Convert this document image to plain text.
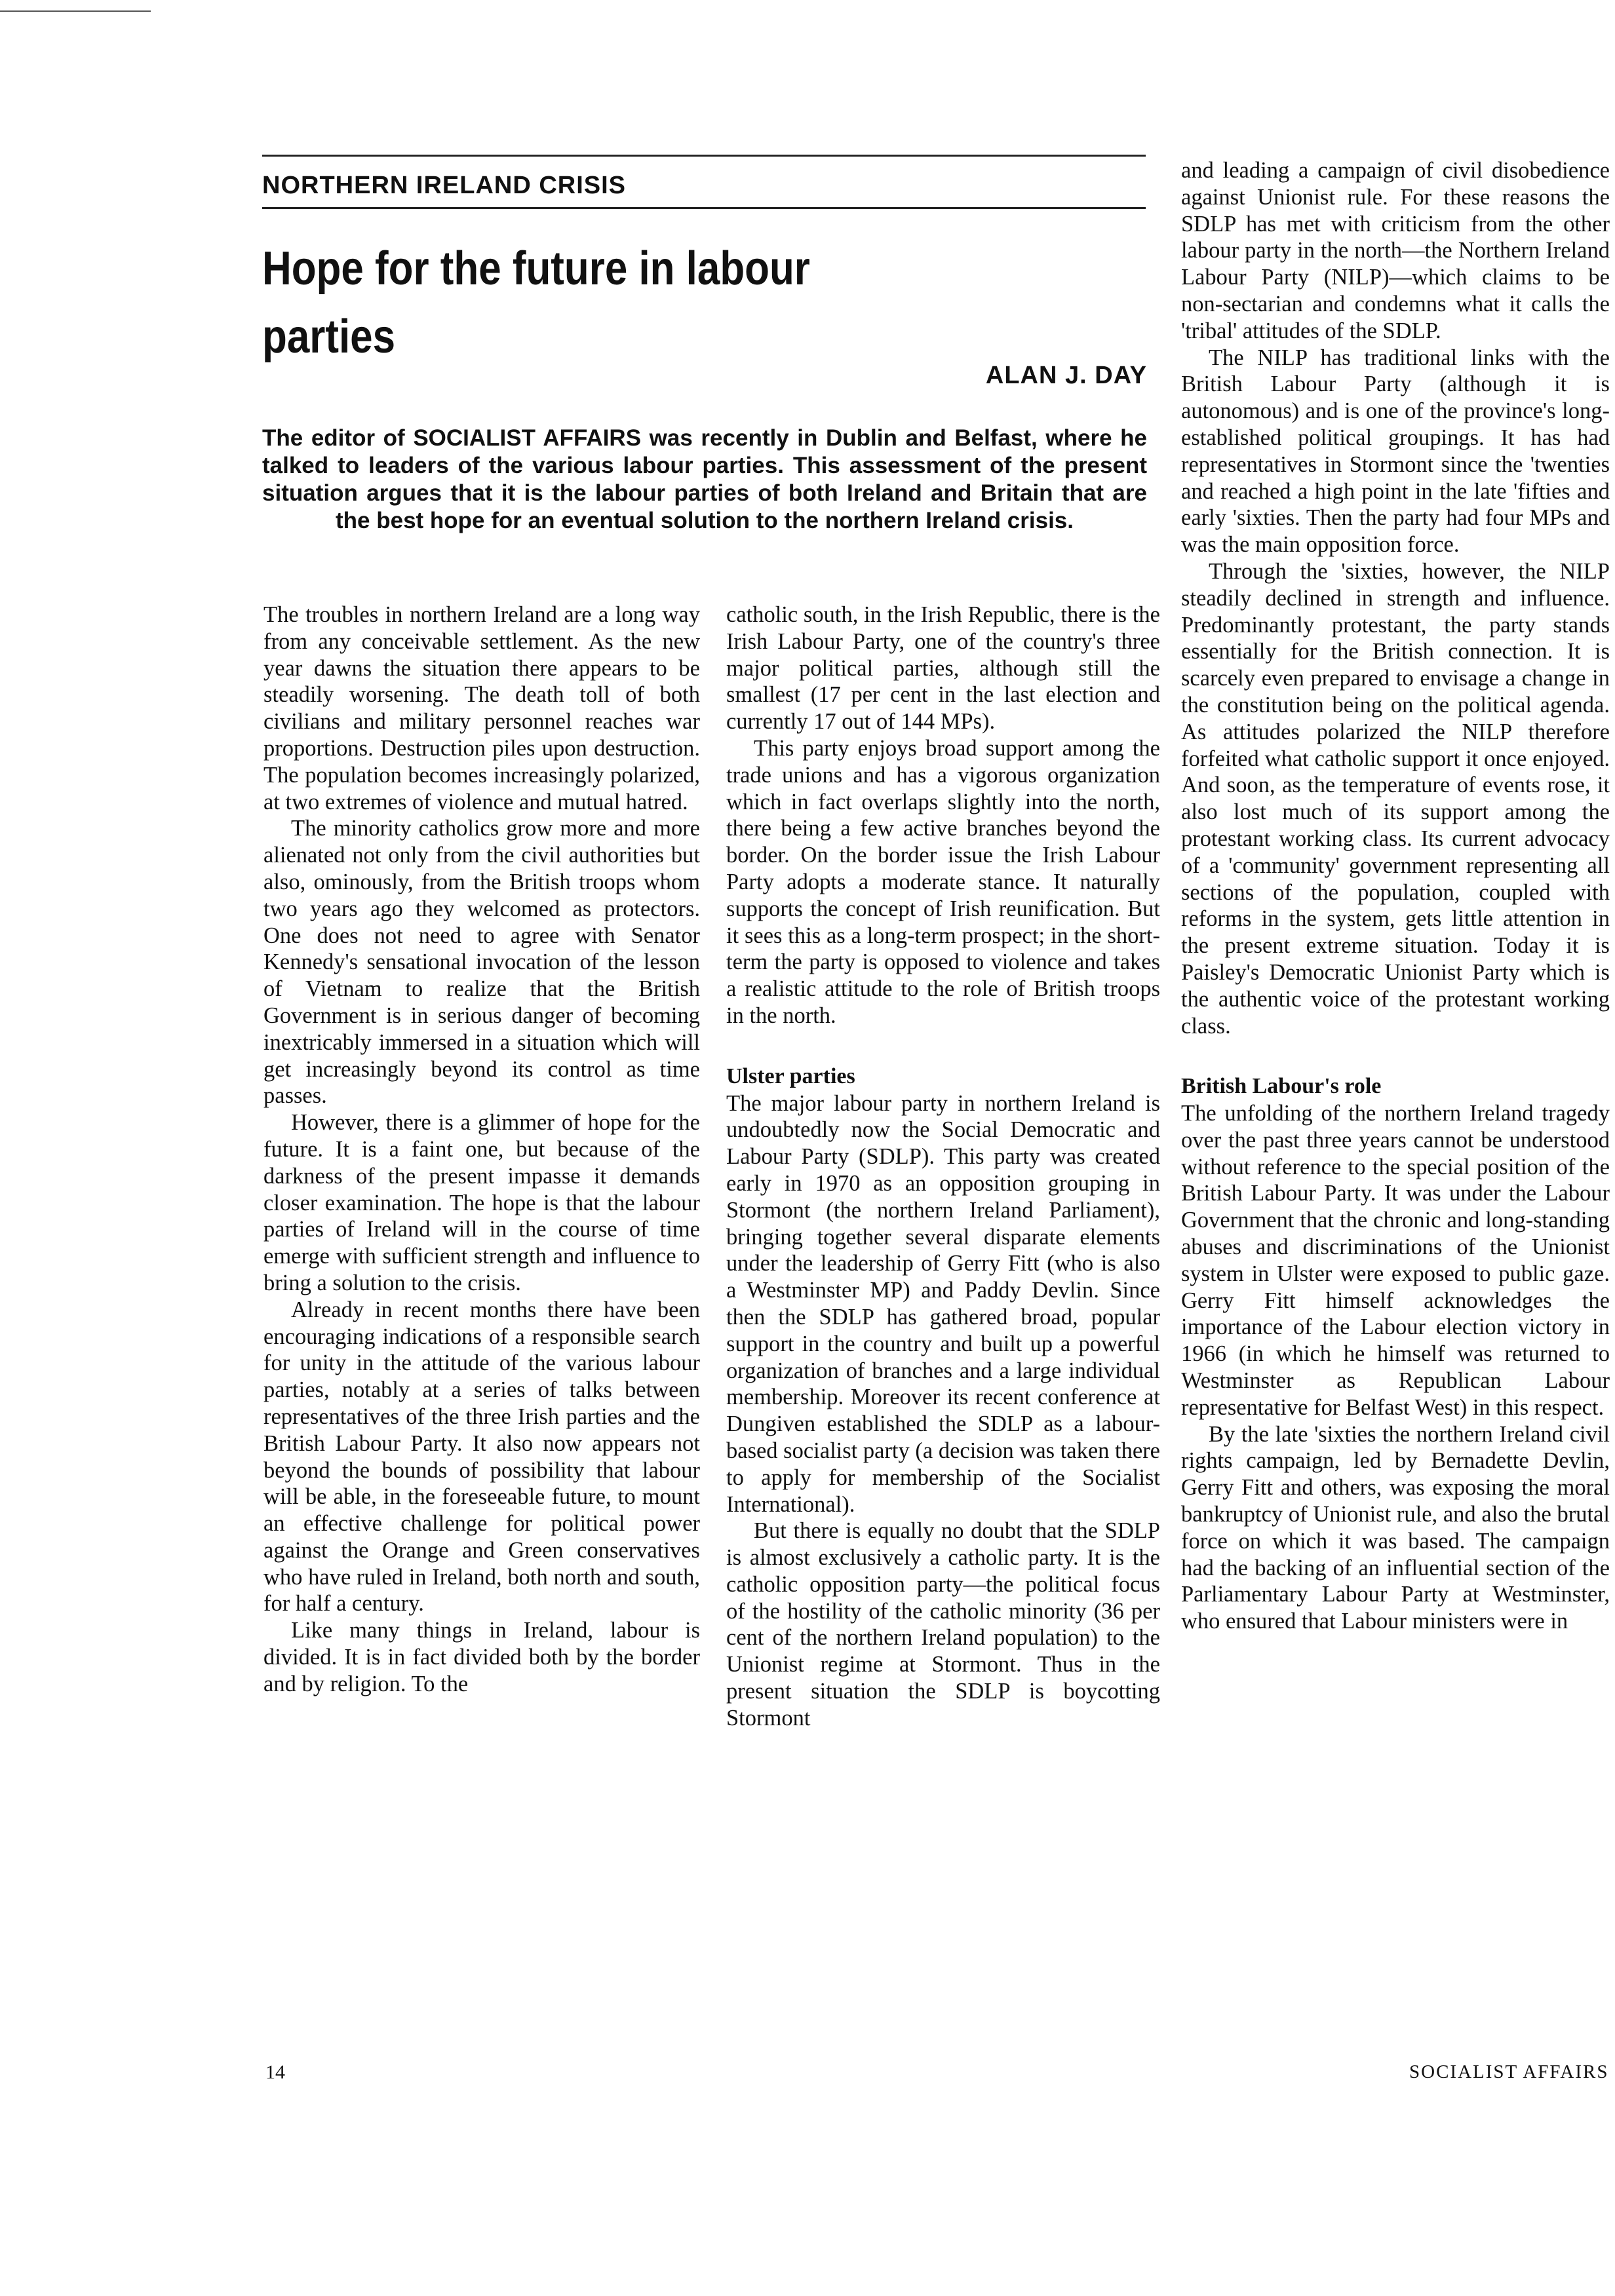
NORTHERN IRELAND CRISIS
Hope for the future in labour parties
ALAN J. DAY
The editor of SOCIALIST AFFAIRS was recently in Dublin and Belfast, where he talked to leaders of the various labour parties. This assessment of the present situation argues that it is the labour parties of both Ireland and Britain that are the best hope for an eventual solution to the northern Ireland crisis.

The troubles in northern Ireland are a long way from any conceivable settlement. As the new year dawns the situation there appears to be steadily worsening. The death toll of both civilians and military personnel reaches war proportions. Destruction piles upon destruction. The population becomes increasingly polarized, at two extremes of violence and mutual hatred.

The minority catholics grow more and more alienated not only from the civil authorities but also, ominously, from the British troops whom two years ago they welcomed as protectors. One does not need to agree with Senator Kennedy's sensational invocation of the lesson of Vietnam to realize that the British Government is in serious danger of becoming inextricably immersed in a situation which will get increasingly beyond its control as time passes.

However, there is a glimmer of hope for the future. It is a faint one, but because of the darkness of the present impasse it demands closer examination. The hope is that the labour parties of Ireland will in the course of time emerge with sufficient strength and influence to bring a solution to the crisis.

Already in recent months there have been encouraging indications of a responsible search for unity in the attitude of the various labour parties, notably at a series of talks between representatives of the three Irish parties and the British Labour Party. It also now appears not beyond the bounds of possibility that labour will be able, in the foreseeable future, to mount an effective challenge for political power against the Orange and Green conservatives who have ruled in Ireland, both north and south, for half a century.

Like many things in Ireland, labour is divided. It is in fact divided both by the border and by religion. To the

catholic south, in the Irish Republic, there is the Irish Labour Party, one of the country's three major political parties, although still the smallest (17 per cent in the last election and currently 17 out of 144 MPs).

This party enjoys broad support among the trade unions and has a vigorous organization which in fact overlaps slightly into the north, there being a few active branches beyond the border. On the border issue the Irish Labour Party adopts a moderate stance. It naturally supports the concept of Irish reunification. But it sees this as a long-term prospect; in the short-term the party is opposed to violence and takes a realistic attitude to the role of British troops in the north.

Ulster parties

The major labour party in northern Ireland is undoubtedly now the Social Democratic and Labour Party (SDLP). This party was created early in 1970 as an opposition grouping in Stormont (the northern Ireland Parliament), bringing together several disparate elements under the leadership of Gerry Fitt (who is also a Westminster MP) and Paddy Devlin. Since then the SDLP has gathered broad, popular support in the country and built up a powerful organization of branches and a large individual membership. Moreover its recent conference at Dungiven established the SDLP as a labour-based socialist party (a decision was taken there to apply for membership of the Socialist International).

But there is equally no doubt that the SDLP is almost exclusively a catholic party. It is the catholic opposition party—the political focus of the hostility of the catholic minority (36 per cent of the northern Ireland population) to the Unionist regime at Stormont. Thus in the present situation the SDLP is boycotting Stormont

and leading a campaign of civil disobedience against Unionist rule. For these reasons the SDLP has met with criticism from the other labour party in the north—the Northern Ireland Labour Party (NILP)—which claims to be non-sectarian and condemns what it calls the 'tribal' attitudes of the SDLP.

The NILP has traditional links with the British Labour Party (although it is autonomous) and is one of the province's long-established political groupings. It has had representatives in Stormont since the 'twenties and reached a high point in the late 'fifties and early 'sixties. Then the party had four MPs and was the main opposition force.

Through the 'sixties, however, the NILP steadily declined in strength and influence. Predominantly protestant, the party stands essentially for the British connection. It is scarcely even prepared to envisage a change in the constitution being on the political agenda. As attitudes polarized the NILP therefore forfeited what catholic support it once enjoyed. And soon, as the temperature of events rose, it also lost much of its support among the protestant working class. Its current advocacy of a 'community' government representing all sections of the population, coupled with reforms in the system, gets little attention in the present extreme situation. Today it is Paisley's Democratic Unionist Party which is the authentic voice of the protestant working class.

British Labour's role

The unfolding of the northern Ireland tragedy over the past three years cannot be understood without reference to the special position of the British Labour Party. It was under the Labour Government that the chronic and long-standing abuses and discriminations of the Unionist system in Ulster were exposed to public gaze. Gerry Fitt himself acknowledges the importance of the Labour election victory in 1966 (in which he himself was returned to Westminster as Republican Labour representative for Belfast West) in this respect.

By the late 'sixties the northern Ireland civil rights campaign, led by Bernadette Devlin, Gerry Fitt and others, was exposing the moral bankruptcy of Unionist rule, and also the brutal force on which it was based. The campaign had the backing of an influential section of the Parliamentary Labour Party at Westminster, who ensured that Labour ministers were in

14	SOCIALIST AFFAIRS
